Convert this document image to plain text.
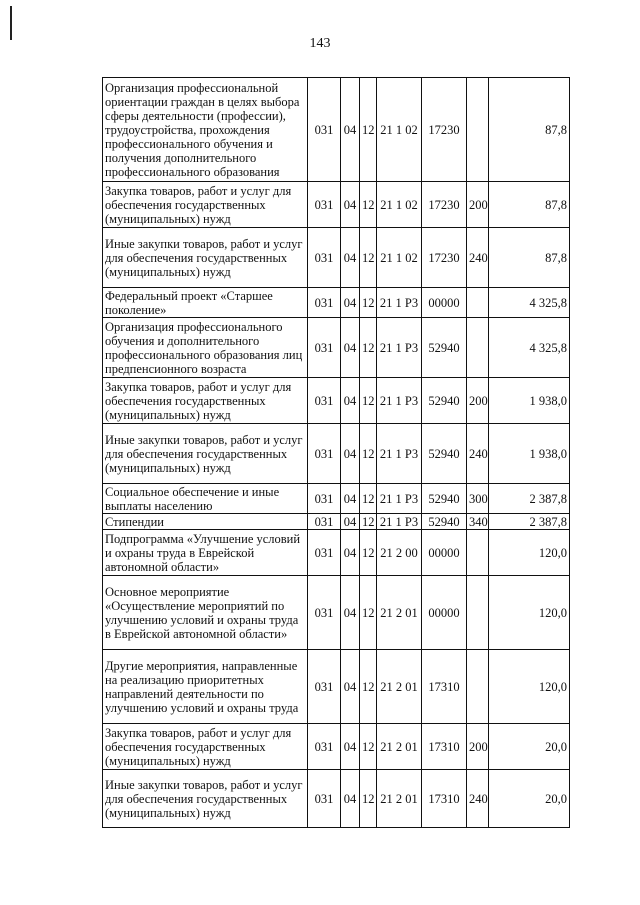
143
Организация профессиональной ориентации граждан в целях выбора сферы деятельности (профессии), трудоустройства, прохождения профессионального обучения и получения дополнительного профессионального образования	031	04	12	21 1 02	17230		87,8
Закупка товаров, работ и услуг для обеспечения государственных (муниципальных) нужд	031	04	12	21 1 02	17230	200	87,8
Иные закупки товаров, работ и услуг для обеспечения государственных (муниципальных) нужд	031	04	12	21 1 02	17230	240	87,8
Федеральный проект «Старшее поколение»	031	04	12	21 1 Р3	00000		4 325,8
Организация профессионального обучения и дополнительного профессионального образования лиц предпенсионного возраста	031	04	12	21 1 Р3	52940		4 325,8
Закупка товаров, работ и услуг для обеспечения государственных (муниципальных) нужд	031	04	12	21 1 Р3	52940	200	1 938,0
Иные закупки товаров, работ и услуг для обеспечения государственных (муниципальных) нужд	031	04	12	21 1 Р3	52940	240	1 938,0
Социальное обеспечение и иные выплаты населению	031	04	12	21 1 Р3	52940	300	2 387,8
Стипендии	031	04	12	21 1 Р3	52940	340	2 387,8
Подпрограмма «Улучшение условий и охраны труда в Еврейской автономной области»	031	04	12	21 2 00	00000		120,0
Основное мероприятие «Осуществление мероприятий по улучшению условий и охраны труда в Еврейской автономной области»	031	04	12	21 2 01	00000		120,0
Другие мероприятия, направленные на реализацию приоритетных направлений деятельности по улучшению условий и охраны труда	031	04	12	21 2 01	17310		120,0
Закупка товаров, работ и услуг для обеспечения государственных (муниципальных) нужд	031	04	12	21 2 01	17310	200	20,0
Иные закупки товаров, работ и услуг для обеспечения государственных (муниципальных) нужд	031	04	12	21 2 01	17310	240	20,0
